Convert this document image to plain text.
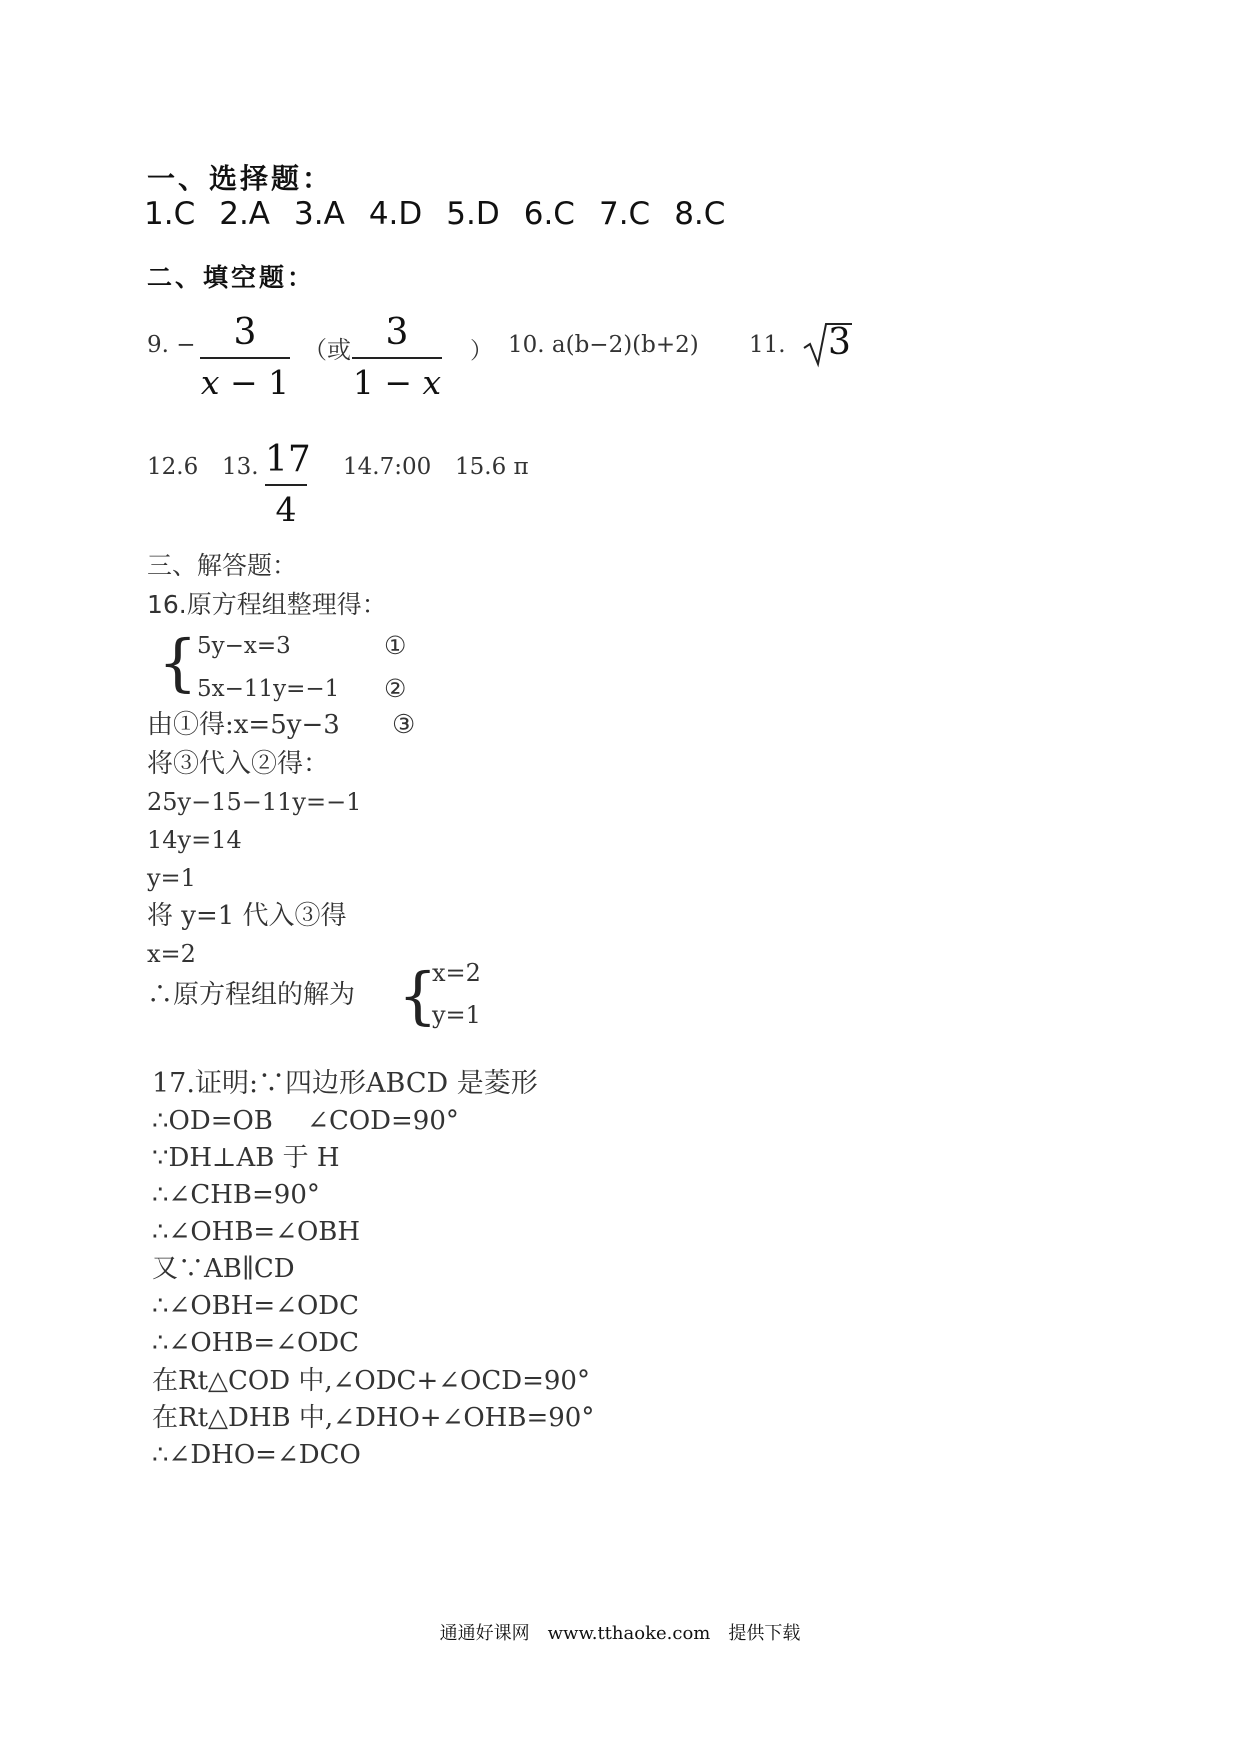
一、选择题：
1.C 2.A 3.A 4.D 5.D 6.C 7.C 8.C
二、填空题：
9. −	3
x − 1
（或 3
1 − x
） 10. a(b−2)(b+2) 11. 3
12.6 13. 17
4
14.7:00 15.6 π
三、解答题：
16.原方程组整理得：
{ 5y−x=3	①
5x−11y=−1 ②
由①得:x=5y−3 ③
将③代入②得：
25y−15−11y=−1
14y=14
y=1
将 y=1 代入③得
x=2
∴原方程组的解为 {
x=2
y=1
17.证明:∵四边形ABCD 是菱形
∴OD=OB　 ∠COD=90°
∵DH⊥AB 于 H
∴∠CHB=90°
∴∠OHB=∠OBH
又∵AB∥CD
∴∠OBH=∠ODC
∴∠OHB=∠ODC
在Rt△COD 中,∠ODC+∠OCD=90°
在Rt△DHB 中,∠DHO+∠OHB=90°
∴∠DHO=∠DCO
通通好课网　www.tthaoke.com　提供下载
